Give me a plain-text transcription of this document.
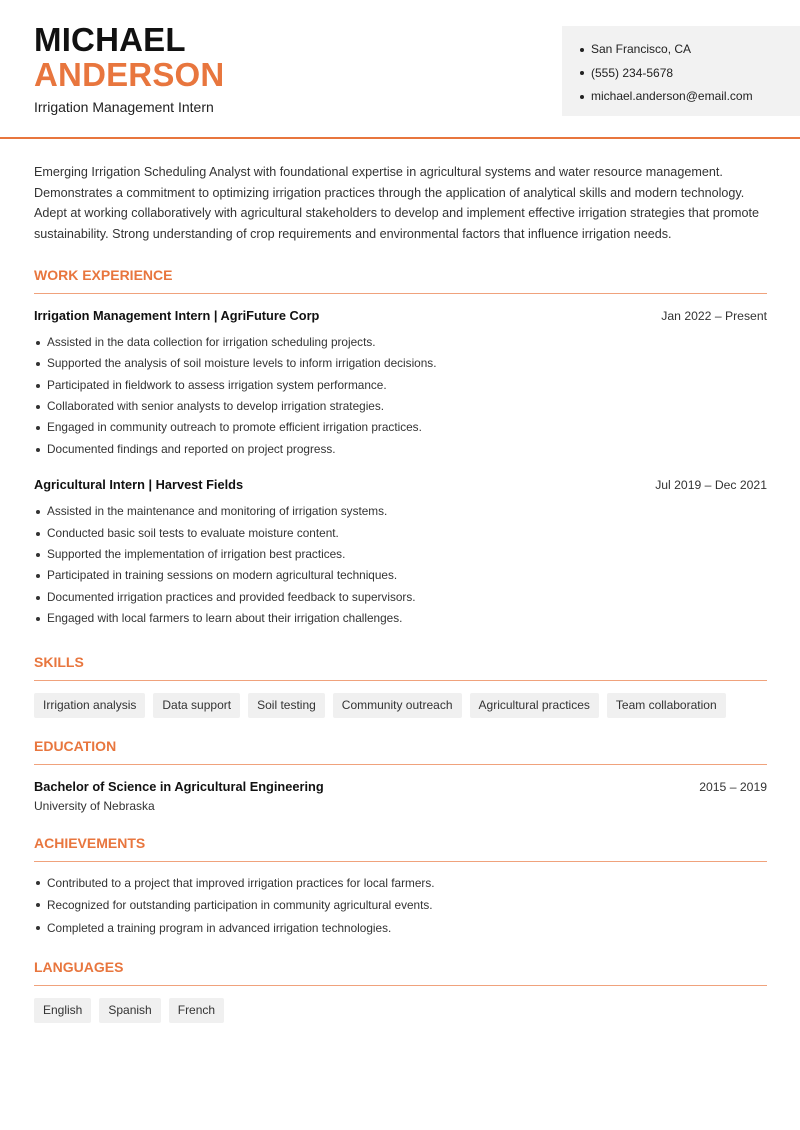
MICHAEL
ANDERSON
Irrigation Management Intern
San Francisco, CA
(555) 234-5678
michael.anderson@email.com

Emerging Irrigation Scheduling Analyst with foundational expertise in agricultural systems and water resource management. Demonstrates a commitment to optimizing irrigation practices through the application of analytical skills and modern technology. Adept at working collaboratively with agricultural stakeholders to develop and implement effective irrigation strategies that promote sustainability. Strong understanding of crop requirements and environmental factors that influence irrigation needs.

WORK EXPERIENCE
Irrigation Management Intern | AgriFuture Corp	Jan 2022 – Present
Assisted in the data collection for irrigation scheduling projects.
Supported the analysis of soil moisture levels to inform irrigation decisions.
Participated in fieldwork to assess irrigation system performance.
Collaborated with senior analysts to develop irrigation strategies.
Engaged in community outreach to promote efficient irrigation practices.
Documented findings and reported on project progress.
Agricultural Intern | Harvest Fields	Jul 2019 – Dec 2021
Assisted in the maintenance and monitoring of irrigation systems.
Conducted basic soil tests to evaluate moisture content.
Supported the implementation of irrigation best practices.
Participated in training sessions on modern agricultural techniques.
Documented irrigation practices and provided feedback to supervisors.
Engaged with local farmers to learn about their irrigation challenges.
SKILLS
Irrigation analysis	Data support	Soil testing	Community outreach	Agricultural practices	Team collaboration
EDUCATION
Bachelor of Science in Agricultural Engineering	2015 – 2019
University of Nebraska
ACHIEVEMENTS
Contributed to a project that improved irrigation practices for local farmers.
Recognized for outstanding participation in community agricultural events.
Completed a training program in advanced irrigation technologies.
LANGUAGES
English	Spanish	French
